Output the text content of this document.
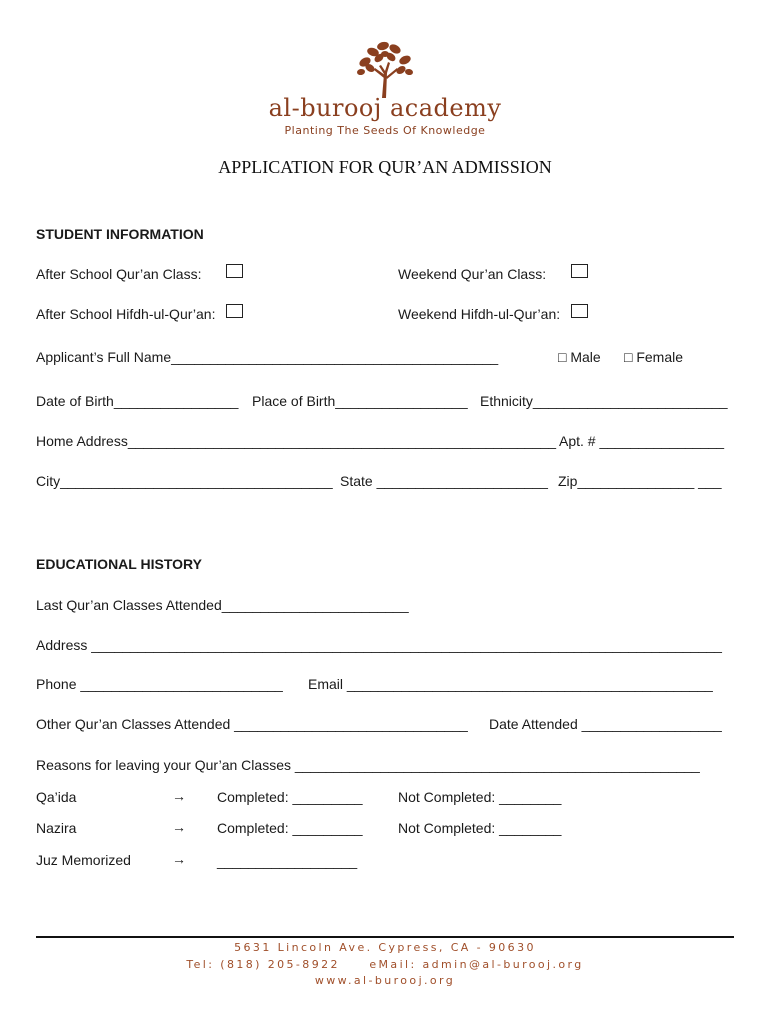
al-burooj academy
Planting The Seeds Of Knowledge
APPLICATION FOR QUR’AN ADMISSION
STUDENT INFORMATION
After School Qur’an Class:	Weekend Qur’an Class:
After School Hifdh-ul-Qur’an:	Weekend Hifdh-ul-Qur’an:
Applicant’s Full Name__________________________________________	□ Male □ Female
Date of Birth________________ Place of Birth_________________ Ethnicity_________________________
Home Address_______________________________________________________ Apt. # ________________
City___________________________________ State ______________________ Zip_______________ ___
EDUCATIONAL HISTORY
Last Qur’an Classes Attended________________________
Address _________________________________________________________________________________
Phone __________________________ Email _______________________________________________
Other Qur’an Classes Attended ______________________________ Date Attended __________________
Reasons for leaving your Qur’an Classes ____________________________________________________
Qa’ida	→ Completed: _________	Not Completed: ________
Nazira	→ Completed: _________	Not Completed: ________
Juz Memorized	→ __________________
5631 Lincoln Ave. Cypress, CA - 90630
Tel: (818) 205-8922     eMail: admin@al-burooj.org
www.al-burooj.org
